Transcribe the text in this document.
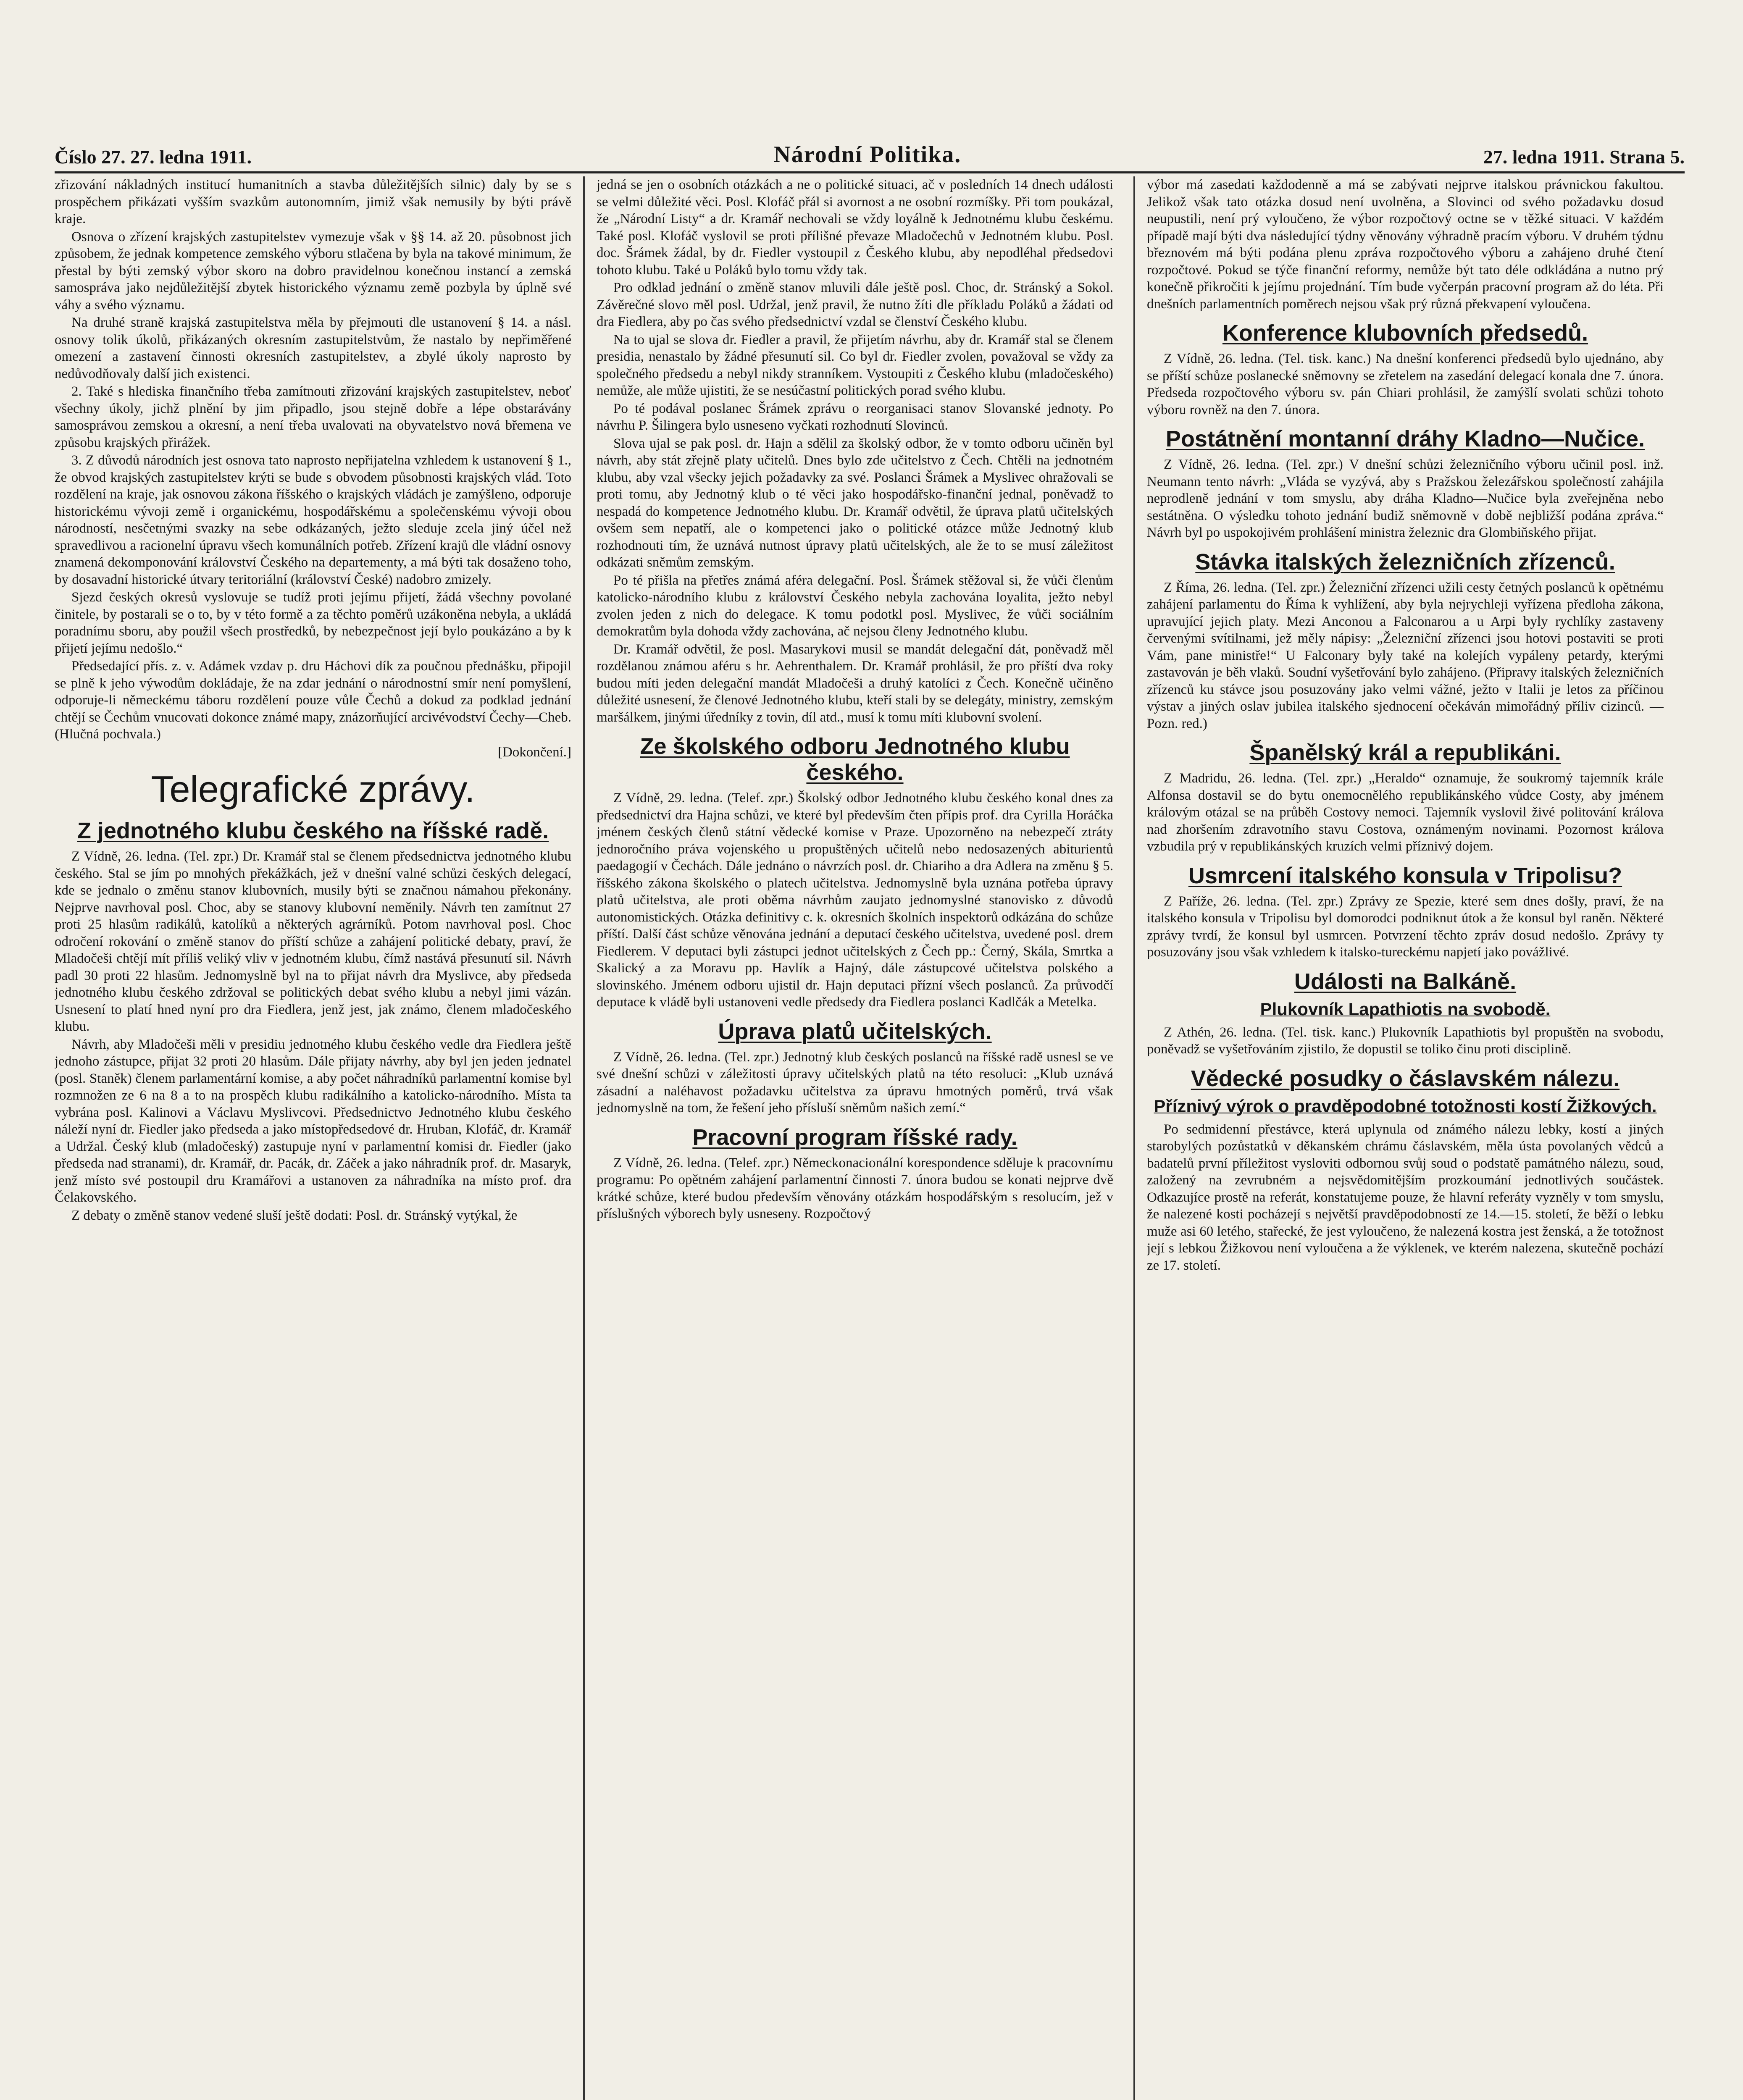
Číslo 27. 27. ledna 1911.	Národní Politika.	27. ledna 1911. Strana 5.

zřizování nákladných institucí humanitních a stavba důležitějších silnic) daly by se s prospěchem přikázati vyšším svazkům autonomním, jimiž však nemusily by býti právě kraje.

Osnova o zřízení krajských zastupitelstev vymezuje však v §§ 14. až 20. působnost jich způsobem, že jednak kompetence zemského výboru stlačena by byla na takové minimum, že přestal by býti zemský výbor skoro na dobro pravidelnou konečnou instancí a zemská samospráva jako nejdůležitější zbytek historického významu země pozbyla by úplně své váhy a svého významu.

Na druhé straně krajská zastupitelstva měla by přejmouti dle ustanovení § 14. a násl. osnovy tolik úkolů, přikázaných okresním zastupitelstvům, že nastalo by nepřiměřené omezení a zastavení činnosti okresních zastupitelstev, a zbylé úkoly naprosto by nedůvodňovaly další jich existenci.

2. Také s hlediska finančního třeba zamítnouti zřizování krajských zastupitelstev, neboť všechny úkoly, jichž plnění by jim připadlo, jsou stejně dobře a lépe obstarávány samosprávou zemskou a okresní, a není třeba uvalovati na obyvatelstvo nová břemena ve způsobu krajských přirážek.

3. Z důvodů národních jest osnova tato naprosto nepřijatelna vzhledem k ustanovení § 1., že obvod krajských zastupitelstev krýti se bude s obvodem působnosti krajských vlád. Toto rozdělení na kraje, jak osnovou zákona říšského o krajských vládách je zamýšleno, odporuje historickému vývoji země i organickému, hospodářskému a společenskému vývoji obou národností, nesčetnými svazky na sebe odkázaných, ježto sleduje zcela jiný účel než spravedlivou a racionelní úpravu všech komunálních potřeb. Zřízení krajů dle vládní osnovy znamená dekomponování království Českého na departementy, a má býti tak dosaženo toho, by dosavadní historické útvary teritoriální (království České) nadobro zmizely.

Sjezd českých okresů vyslovuje se tudíž proti jejímu přijetí, žádá všechny povolané činitele, by postarali se o to, by v této formě a za těchto poměrů uzákoněna nebyla, a ukládá poradnímu sboru, aby použil všech prostředků, by nebezpečnost její bylo poukázáno a by k přijetí jejímu nedošlo.“

Předsedající přís. z. v. Adámek vzdav p. dru Háchovi dík za poučnou přednášku, připojil se plně k jeho výwodům dokládaje, že na zdar jednání o národnostní smír není pomyšlení, odporuje-li německému táboru rozdělení pouze vůle Čechů a dokud za podklad jednání chtějí se Čechům vnucovati dokonce známé mapy, znázorňující arcivévodství Čechy—Cheb. (Hlučná pochvala.)

[Dokončení.]

Telegrafické zprávy.
Z jednotného klubu českého na říšské radě.

Z Vídně, 26. ledna. (Tel. zpr.) Dr. Kramář stal se členem předsednictva jednotného klubu českého. Stal se jím po mnohých překážkách, jež v dnešní valné schůzi českých delegací, kde se jednalo o změnu stanov klubovních, musily býti se značnou námahou překonány. Nejprve navrhoval posl. Choc, aby se stanovy klubovní neměnily. Návrh ten zamítnut 27 proti 25 hlasům radikálů, katolíků a některých agrárníků. Potom navrhoval posl. Choc odročení rokování o změně stanov do příští schůze a zahájení politické debaty, praví, že Mladočeši chtějí mít příliš veliký vliv v jednotném klubu, čímž nastává přesunutí sil. Návrh padl 30 proti 22 hlasům. Jednomyslně byl na to přijat návrh dra Myslivce, aby předseda jednotného klubu českého zdržoval se politických debat svého klubu a nebyl jimi vázán. Usnesení to platí hned nyní pro dra Fiedlera, jenž jest, jak známo, členem mladočeského klubu.

Návrh, aby Mladočeši měli v presidiu jednotného klubu českého vedle dra Fiedlera ještě jednoho zástupce, přijat 32 proti 20 hlasům. Dále přijaty návrhy, aby byl jen jeden jednatel (posl. Staněk) členem parlamentární komise, a aby počet náhradníků parlamentní komise byl rozmnožen ze 6 na 8 a to na prospěch klubu radikálního a katolicko-národního. Místa ta vybrána posl. Kalinovi a Václavu Myslivcovi. Předsednictvo Jednotného klubu českého náleží nyní dr. Fiedler jako předseda a jako místopředsedové dr. Hruban, Klofáč, dr. Kramář a Udržal. Český klub (mladočeský) zastupuje nyní v parlamentní komisi dr. Fiedler (jako předseda nad stranami), dr. Kramář, dr. Pacák, dr. Záček a jako náhradník prof. dr. Masaryk, jenž místo své postoupil dru Kramářovi a ustanoven za náhradníka na místo prof. dra Čelakovského.

Z debaty o změně stanov vedené sluší ještě dodati: Posl. dr. Stránský vytýkal, že

jedná se jen o osobních otázkách a ne o politické situaci, ač v posledních 14 dnech události se velmi důležité věci. Posl. Klofáč přál si avornost a ne osobní rozmíšky. Při tom poukázal, že „Národní Listy“ a dr. Kramář nechovali se vždy loyálně k Jednotnému klubu českému. Také posl. Klofáč vyslovil se proti přílišné převaze Mladočechů v Jednotném klubu. Posl. doc. Šrámek žádal, by dr. Fiedler vystoupil z Českého klubu, aby nepodléhal předsedovi tohoto klubu. Také u Poláků bylo tomu vždy tak.

Pro odklad jednání o změně stanov mluvili dále ještě posl. Choc, dr. Stránský a Sokol. Závěrečné slovo měl posl. Udržal, jenž pravil, že nutno žíti dle příkladu Poláků a žádati od dra Fiedlera, aby po čas svého předsednictví vzdal se členství Českého klubu.

Na to ujal se slova dr. Fiedler a pravil, že přijetím návrhu, aby dr. Kramář stal se členem presidia, nenastalo by žádné přesunutí sil. Co byl dr. Fiedler zvolen, považoval se vždy za společného předsedu a nebyl nikdy stranníkem. Vystoupiti z Českého klubu (mladočeského) nemůže, ale může ujistiti, že se nesúčastní politických porad svého klubu.

Po té podával poslanec Šrámek zprávu o reorganisaci stanov Slovanské jednoty. Po návrhu P. Šilingera bylo usneseno vyčkati rozhodnutí Slovinců.

Slova ujal se pak posl. dr. Hajn a sdělil za školský odbor, že v tomto odboru učiněn byl návrh, aby stát zřejně platy učitelů. Dnes bylo zde učitelstvo z Čech. Chtěli na jednotném klubu, aby vzal všecky jejich požadavky za své. Poslanci Šrámek a Myslivec ohražovali se proti tomu, aby Jednotný klub o té věci jako hospodářsko-finanční jednal, poněvadž to nespadá do kompetence Jednotného klubu. Dr. Kramář odvětil, že úprava platů učitelských ovšem sem nepatří, ale o kompetenci jako o politické otázce může Jednotný klub rozhodnouti tím, že uznává nutnost úpravy platů učitelských, ale že to se musí záležitost odkázati sněmům zemským.

Po té přišla na přetřes známá aféra delegační. Posl. Šrámek stěžoval si, že vůči členům katolicko-národního klubu z království Českého nebyla zachována loyalita, ježto nebyl zvolen jeden z nich do delegace. K tomu podotkl posl. Myslivec, že vůči sociálním demokratům byla dohoda vždy zachována, ač nejsou členy Jednotného klubu.

Dr. Kramář odvětil, že posl. Masarykovi musil se mandát delegační dát, poněvadž měl rozdělanou známou aféru s hr. Aehrenthalem. Dr. Kramář prohlásil, že pro příští dva roky budou míti jeden delegační mandát Mladočeši a druhý katolíci z Čech. Konečně učiněno důležité usnesení, že členové Jednotného klubu, kteří stali by se delegáty, ministry, zemským maršálkem, jinými úředníky z tovin, díl atd., musí k tomu míti klubovní svolení.

Ze školského odboru Jednotného klubu českého.

Z Vídně, 29. ledna. (Telef. zpr.) Školský odbor Jednotného klubu českého konal dnes za předsednictví dra Hajna schůzi, ve které byl především čten přípis prof. dra Cyrilla Horáčka jménem českých členů státní vědecké komise v Praze. Upozorněno na nebezpečí ztráty jednoročního práva vojenského u propuštěných učitelů nebo nedosazených abiturientů paedagogií v Čechách. Dále jednáno o návrzích posl. dr. Chiariho a dra Adlera na změnu § 5. říšského zákona školského o platech učitelstva. Jednomyslně byla uznána potřeba úpravy platů učitelstva, ale proti oběma návrhům zaujato jednomyslné stanovisko z důvodů autonomistických. Otázka definitivy c. k. okresních školních inspektorů odkázána do schůze příští. Další část schůze věnována jednání a deputací českého učitelstva, uvedené posl. drem Fiedlerem. V deputaci byli zástupci jednot učitelských z Čech pp.: Černý, Skála, Smrtka a Skalický a za Moravu pp. Havlík a Hajný, dále zástupcové učitelstva polského a slovinského. Jménem odboru ujistil dr. Hajn deputaci přízní všech poslanců. Za průvodčí deputace k vládě byli ustanoveni vedle předsedy dra Fiedlera poslanci Kadlčák a Metelka.

Úprava platů učitelských.

Z Vídně, 26. ledna. (Tel. zpr.) Jednotný klub českých poslanců na říšské radě usnesl se ve své dnešní schůzi v záležitosti úpravy učitelských platů na této resoluci: „Klub uznává zásadní a naléhavost požadavku učitelstva za úpravu hmotných poměrů, trvá však jednomyslně na tom, že řešení jeho přísluší sněmům našich zemí.“

Pracovní program říšské rady.

Z Vídně, 26. ledna. (Telef. zpr.) Německonacionální korespondence sděluje k pracovnímu programu: Po opětném zahájení parlamentní činnosti 7. února budou se konati nejprve dvě krátké schůze, které budou především věnovány otázkám hospodářským s resolucím, jež v příslušných výborech byly usneseny. Rozpočtový

výbor má zasedati každodenně a má se zabývati nejprve italskou právnickou fakultou. Jelikož však tato otázka dosud není uvolněna, a Slovinci od svého požadavku dosud neupustili, není prý vyloučeno, že výbor rozpočtový octne se v těžké situaci. V každém případě mají býti dva následující týdny věnovány výhradně pracím výboru. V druhém týdnu březnovém má býti podána plenu zpráva rozpočtového výboru a zahájeno druhé čtení rozpočtové. Pokud se týče finanční reformy, nemůže být tato déle odkládána a nutno prý konečně přikročiti k jejímu projednání. Tím bude vyčerpán pracovní program až do léta. Při dnešních parlamentních poměrech nejsou však prý různá překvapení vyloučena.

Konference klubovních předsedů.

Z Vídně, 26. ledna. (Tel. tisk. kanc.) Na dnešní konferenci předsedů bylo ujednáno, aby se příští schůze poslanecké sněmovny se zřetelem na zasedání delegací konala dne 7. února. Předseda rozpočtového výboru sv. pán Chiari prohlásil, že zamýšlí svolati schůzi tohoto výboru rovněž na den 7. února.

Postátnění montanní dráhy Kladno—Nučice.

Z Vídně, 26. ledna. (Tel. zpr.) V dnešní schůzi železničního výboru učinil posl. inž. Neumann tento návrh: „Vláda se vyzývá, aby s Pražskou železářskou společností zahájila neprodleně jednání v tom smyslu, aby dráha Kladno—Nučice byla zveřejněna nebo sestátněna. O výsledku tohoto jednání budiž sněmovně v době nejbližší podána zpráva.“ Návrh byl po uspokojivém prohlášení ministra železnic dra Glombiňského přijat.

Stávka italských železničních zřízenců.

Z Říma, 26. ledna. (Tel. zpr.) Železniční zřízenci užili cesty četných poslanců k opětnému zahájení parlamentu do Říma k vyhlížení, aby byla nejrychleji vyřízena předloha zákona, upravující jejich platy. Mezi Anconou a Falconarou a u Arpi byly rychlíky zastaveny červenými svítilnami, jež měly nápisy: „Železniční zřízenci jsou hotovi postaviti se proti Vám, pane ministře!“ U Falconary byly také na kolejích vypáleny petardy, kterými zastavován je běh vlaků. Soudní vyšetřování bylo zahájeno. (Připravy italských železničních zřízenců ku stávce jsou posuzovány jako velmi vážné, ježto v Italii je letos za příčinou výstav a jiných oslav jubilea italského sjednocení očekáván mimořádný příliv cizinců. — Pozn. red.)

Španělský král a republikáni.

Z Madridu, 26. ledna. (Tel. zpr.) „Heraldo“ oznamuje, že soukromý tajemník krále Alfonsa dostavil se do bytu onemocnělého republikánského vůdce Costy, aby jménem královým otázal se na průběh Costovy nemoci. Tajemník vyslovil živé politování králova nad zhoršením zdravotního stavu Costova, oznámeným novinami. Pozornost králova vzbudila prý v republikánských kruzích velmi příznivý dojem.

Usmrcení italského konsula v Tripolisu?

Z Paříže, 26. ledna. (Tel. zpr.) Zprávy ze Spezie, které sem dnes došly, praví, že na italského konsula v Tripolisu byl domorodci podniknut útok a že konsul byl raněn. Některé zprávy tvrdí, že konsul byl usmrcen. Potvrzení těchto zpráv dosud nedošlo. Zprávy ty posuzovány jsou však vzhledem k italsko-tureckému napjetí jako povážlivé.

Události na Balkáně.
Plukovník Lapathiotis na svobodě.

Z Athén, 26. ledna. (Tel. tisk. kanc.) Plukovník Lapathiotis byl propuštěn na svobodu, poněvadž se vyšetřováním zjistilo, že dopustil se toliko činu proti disciplině.

Vědecké posudky o čáslavském nálezu.
Příznivý výrok o pravděpodobné totožnosti kostí Žižkových.

Po sedmidenní přestávce, která uplynula od známého nálezu lebky, kostí a jiných starobylých pozůstatků v děkanském chrámu čáslavském, měla ústa povolaných vědců a badatelů první příležitost vysloviti odbornou svůj soud o podstatě památného nálezu, soud, založený na zevrubném a nejsvědomitějším prozkoumání jednotlivých součástek. Odkazujíce prostě na referát, konstatujeme pouze, že hlavní referáty vyzněly v tom smyslu, že nalezené kosti pocházejí s největší pravděpodobností ze 14.—15. století, že běží o lebku muže asi 60 letého, stařecké, že jest vyloučeno, že nalezená kostra jest ženská, a že totožnost její s lebkou Žižkovou není vyloučena a že výklenek, ve kterém nalezena, skutečně pochází ze 17. století.
